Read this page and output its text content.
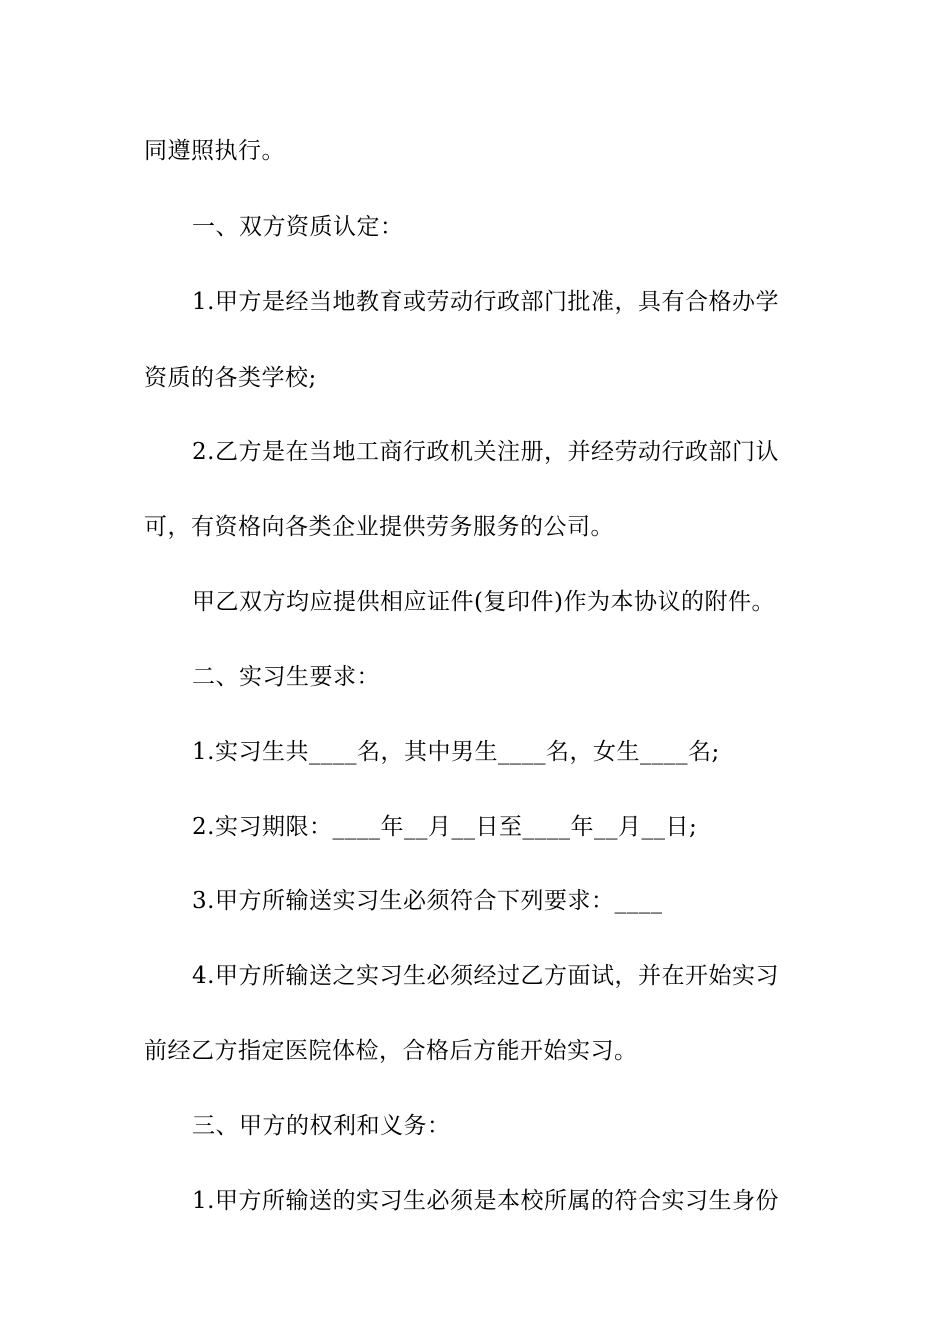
同遵照执行。
一、双方资质认定：
1.甲方是经当地教育或劳动行政部门批准，具有合格办学
资质的各类学校;
2.乙方是在当地工商行政机关注册，并经劳动行政部门认
可，有资格向各类企业提供劳务服务的公司。
甲乙双方均应提供相应证件(复印件)作为本协议的附件。
二、实习生要求：
1.实习生共____名，其中男生____名，女生____名;
2.实习期限：____年__月__日至____年__月__日;
3.甲方所输送实习生必须符合下列要求：____
4.甲方所输送之实习生必须经过乙方面试，并在开始实习
前经乙方指定医院体检，合格后方能开始实习。
三、甲方的权利和义务：
1.甲方所输送的实习生必须是本校所属的符合实习生身份
